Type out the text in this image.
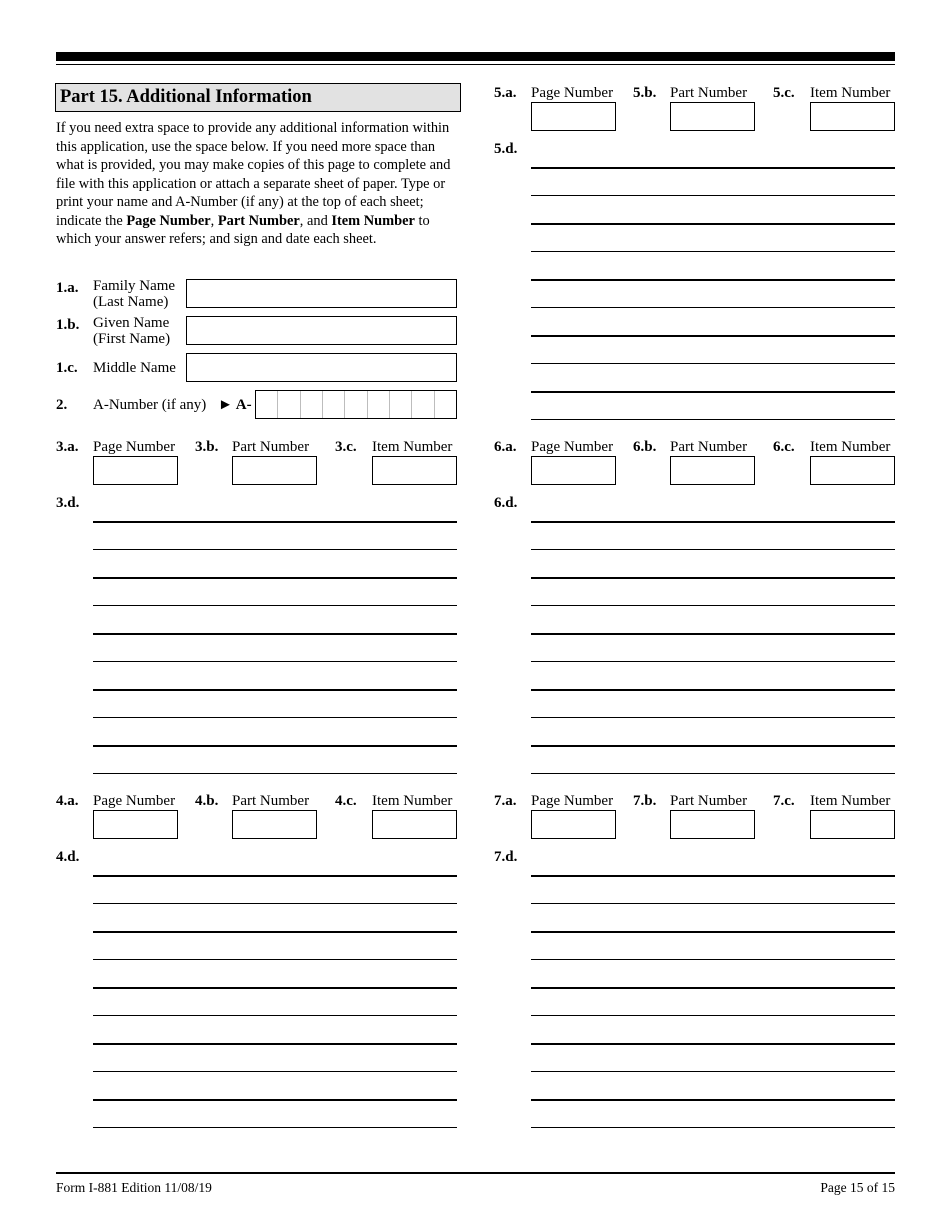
Part 15. Additional Information
If you need extra space to provide any additional information within this application, use the space below. If you need more space than what is provided, you may make copies of this page to complete and file with this application or attach a separate sheet of paper. Type or print your name and A-Number (if any) at the top of each sheet; indicate the Page Number, Part Number, and Item Number to which your answer refers; and sign and date each sheet.
1.a. Family Name
(Last Name)
1.b. Given Name
(First Name)
1.c. Middle Name
2. A-Number (if any) ► A-
3.a. Page Number 3.b. Part Number 3.c. Item Number
3.d.
4.a. Page Number 4.b. Part Number 4.c. Item Number
4.d.
5.a. Page Number 5.b. Part Number 5.c. Item Number
5.d.
6.a. Page Number 6.b. Part Number 6.c. Item Number
6.d.
7.a. Page Number 7.b. Part Number 7.c. Item Number
7.d.
Form I-881 Edition 11/08/19	Page 15 of 15
